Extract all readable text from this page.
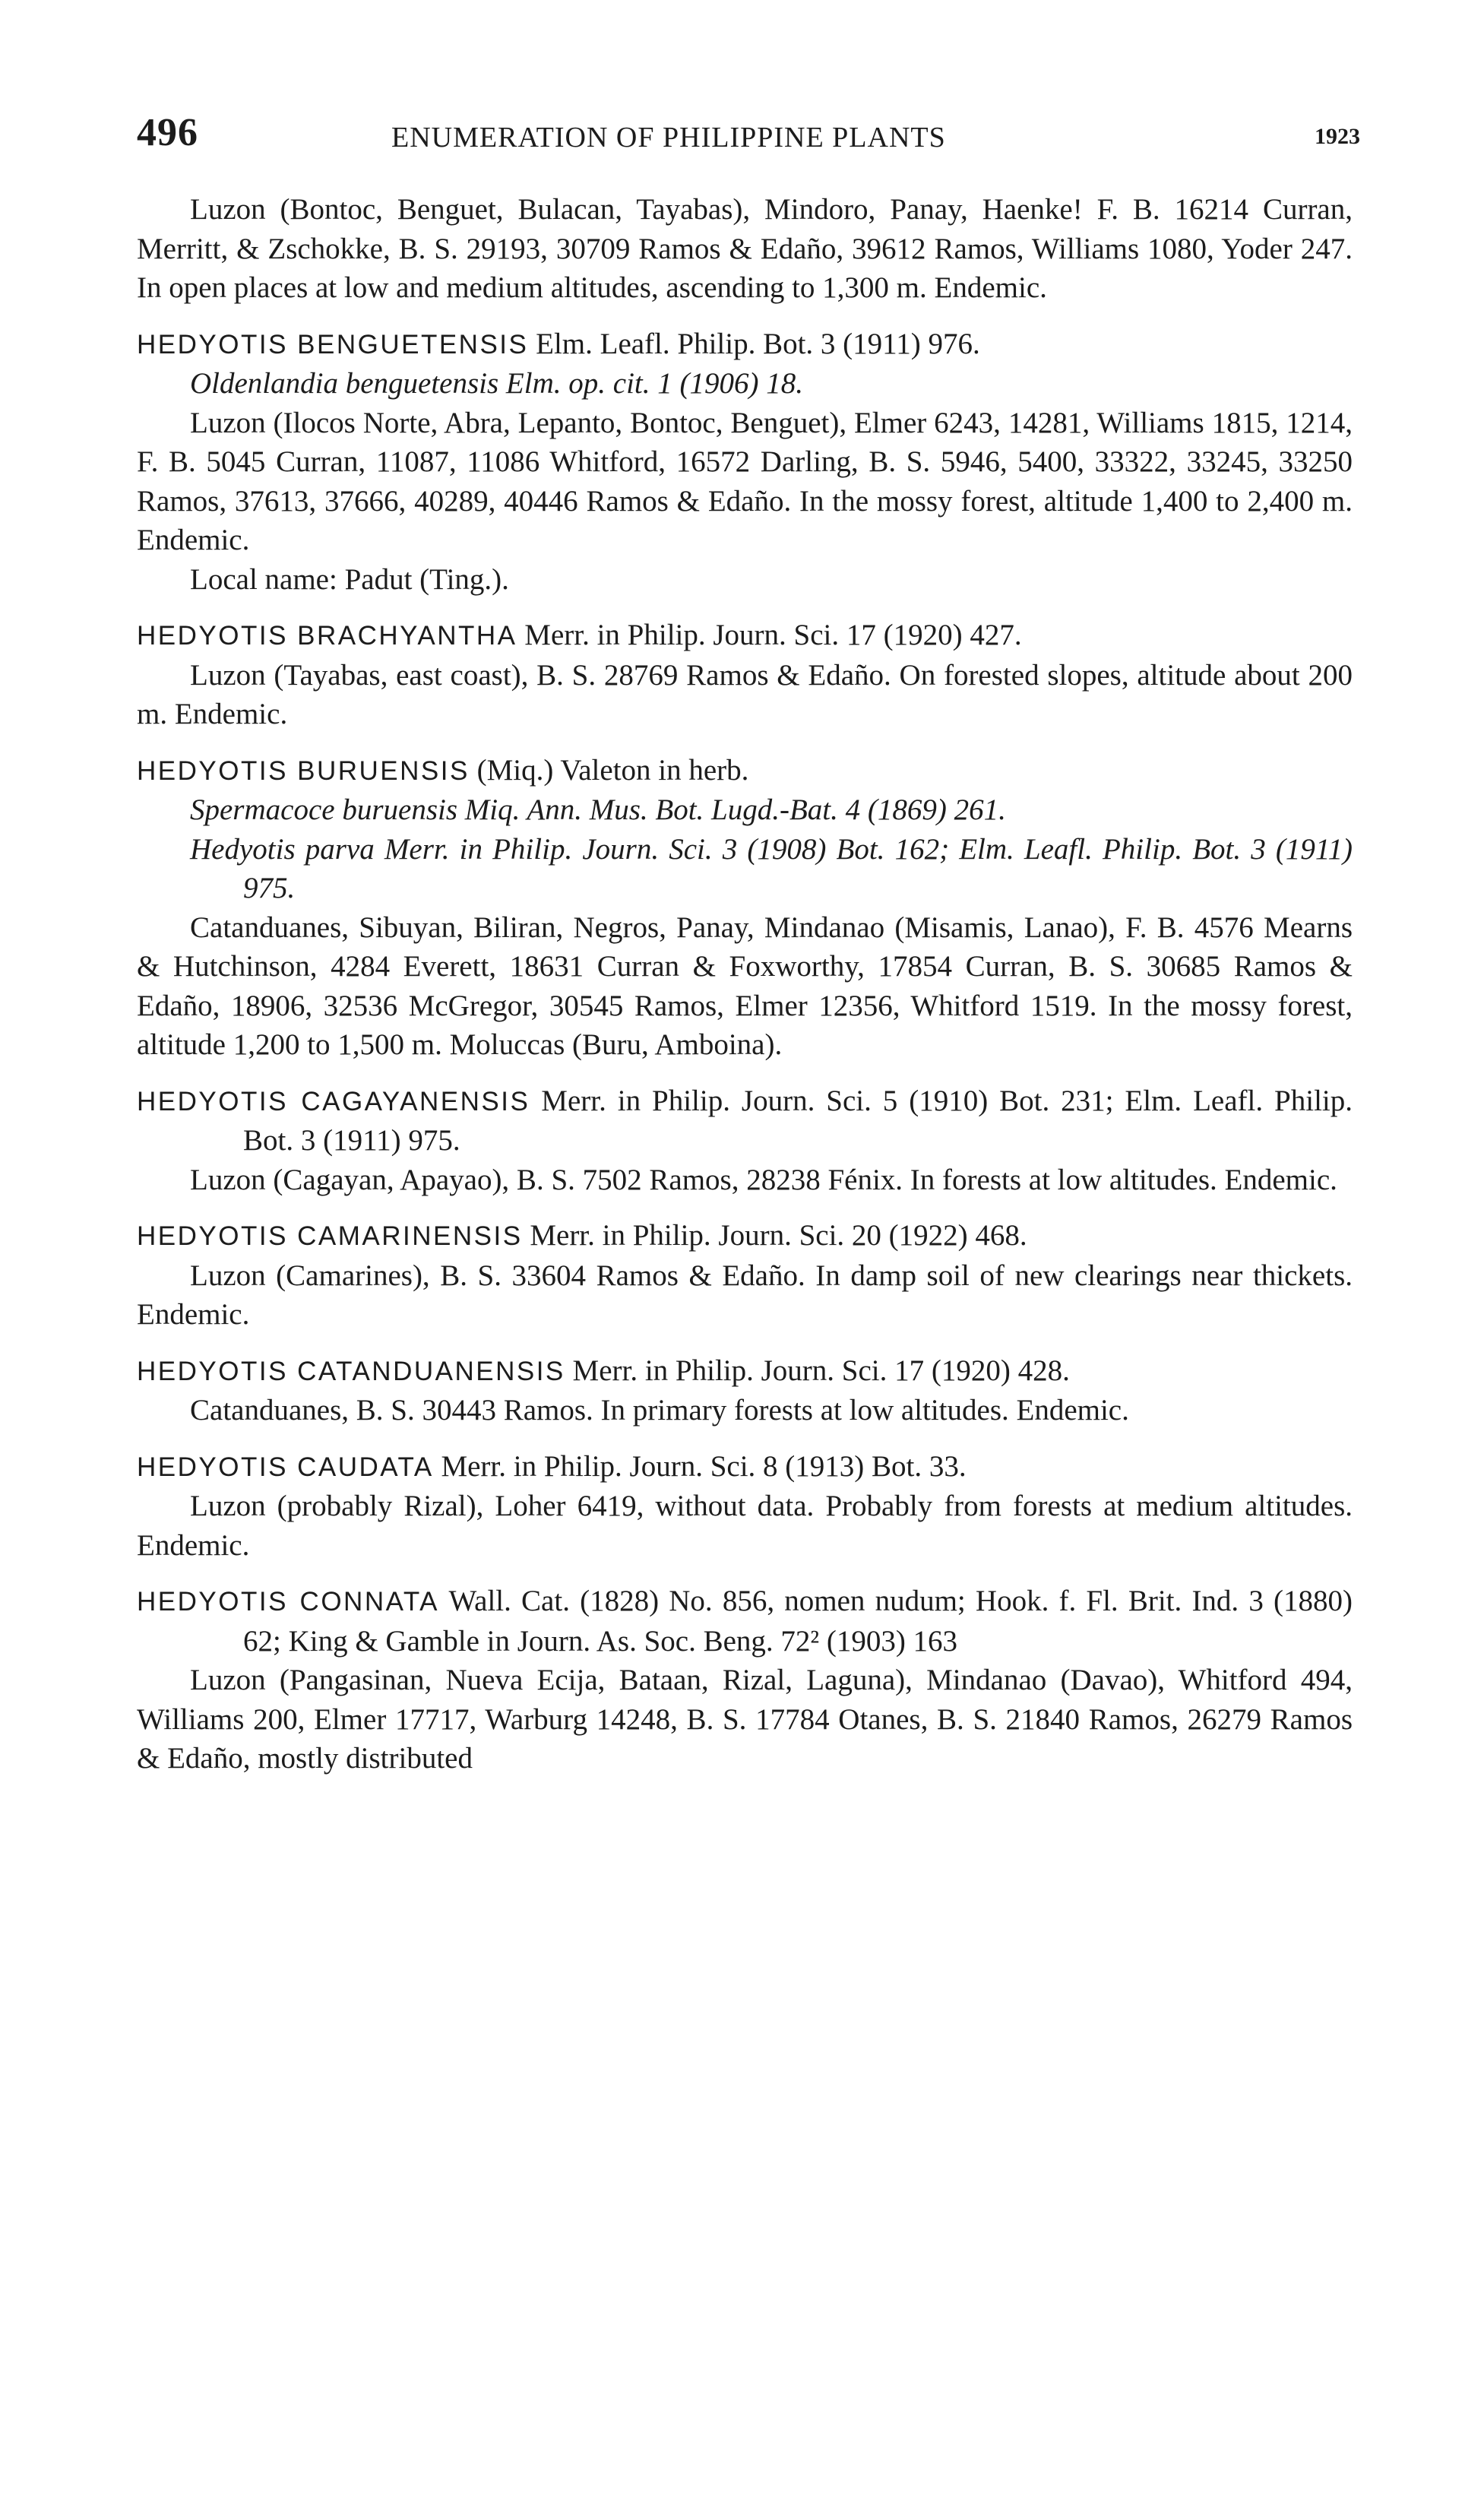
496	ENUMERATION OF PHILIPPINE PLANTS	1923

Luzon (Bontoc, Benguet, Bulacan, Tayabas), Mindoro, Panay, Haenke! F. B. 16214 Curran, Merritt, & Zschokke, B. S. 29193, 30709 Ramos & Edaño, 39612 Ramos, Williams 1080, Yoder 247. In open places at low and medium altitudes, ascending to 1,300 m. Endemic.

HEDYOTIS BENGUETENSIS Elm. Leafl. Philip. Bot. 3 (1911) 976.

Oldenlandia benguetensis Elm. op. cit. 1 (1906) 18.

Luzon (Ilocos Norte, Abra, Lepanto, Bontoc, Benguet), Elmer 6243, 14281, Williams 1815, 1214, F. B. 5045 Curran, 11087, 11086 Whitford, 16572 Darling, B. S. 5946, 5400, 33322, 33245, 33250 Ramos, 37613, 37666, 40289, 40446 Ramos & Edaño. In the mossy forest, altitude 1,400 to 2,400 m. Endemic.

Local name: Padut (Ting.).

HEDYOTIS BRACHYANTHA Merr. in Philip. Journ. Sci. 17 (1920) 427.

Luzon (Tayabas, east coast), B. S. 28769 Ramos & Edaño. On forested slopes, altitude about 200 m. Endemic.

HEDYOTIS BURUENSIS (Miq.) Valeton in herb.

Spermacoce buruensis Miq. Ann. Mus. Bot. Lugd.-Bat. 4 (1869) 261.

Hedyotis parva Merr. in Philip. Journ. Sci. 3 (1908) Bot. 162; Elm. Leafl. Philip. Bot. 3 (1911) 975.

Catanduanes, Sibuyan, Biliran, Negros, Panay, Mindanao (Misamis, Lanao), F. B. 4576 Mearns & Hutchinson, 4284 Everett, 18631 Curran & Foxworthy, 17854 Curran, B. S. 30685 Ramos & Edaño, 18906, 32536 McGregor, 30545 Ramos, Elmer 12356, Whitford 1519. In the mossy forest, altitude 1,200 to 1,500 m. Moluccas (Buru, Amboina).

HEDYOTIS CAGAYANENSIS Merr. in Philip. Journ. Sci. 5 (1910) Bot. 231; Elm. Leafl. Philip. Bot. 3 (1911) 975.

Luzon (Cagayan, Apayao), B. S. 7502 Ramos, 28238 Fénix. In forests at low altitudes. Endemic.

HEDYOTIS CAMARINENSIS Merr. in Philip. Journ. Sci. 20 (1922) 468.

Luzon (Camarines), B. S. 33604 Ramos & Edaño. In damp soil of new clearings near thickets. Endemic.

HEDYOTIS CATANDUANENSIS Merr. in Philip. Journ. Sci. 17 (1920) 428.

Catanduanes, B. S. 30443 Ramos. In primary forests at low altitudes. Endemic.

HEDYOTIS CAUDATA Merr. in Philip. Journ. Sci. 8 (1913) Bot. 33.

Luzon (probably Rizal), Loher 6419, without data. Probably from forests at medium altitudes. Endemic.

HEDYOTIS CONNATA Wall. Cat. (1828) No. 856, nomen nudum; Hook. f. Fl. Brit. Ind. 3 (1880) 62; King & Gamble in Journ. As. Soc. Beng. 72² (1903) 163

Luzon (Pangasinan, Nueva Ecija, Bataan, Rizal, Laguna), Mindanao (Davao), Whitford 494, Williams 200, Elmer 17717, Warburg 14248, B. S. 17784 Otanes, B. S. 21840 Ramos, 26279 Ramos & Edaño, mostly distributed
